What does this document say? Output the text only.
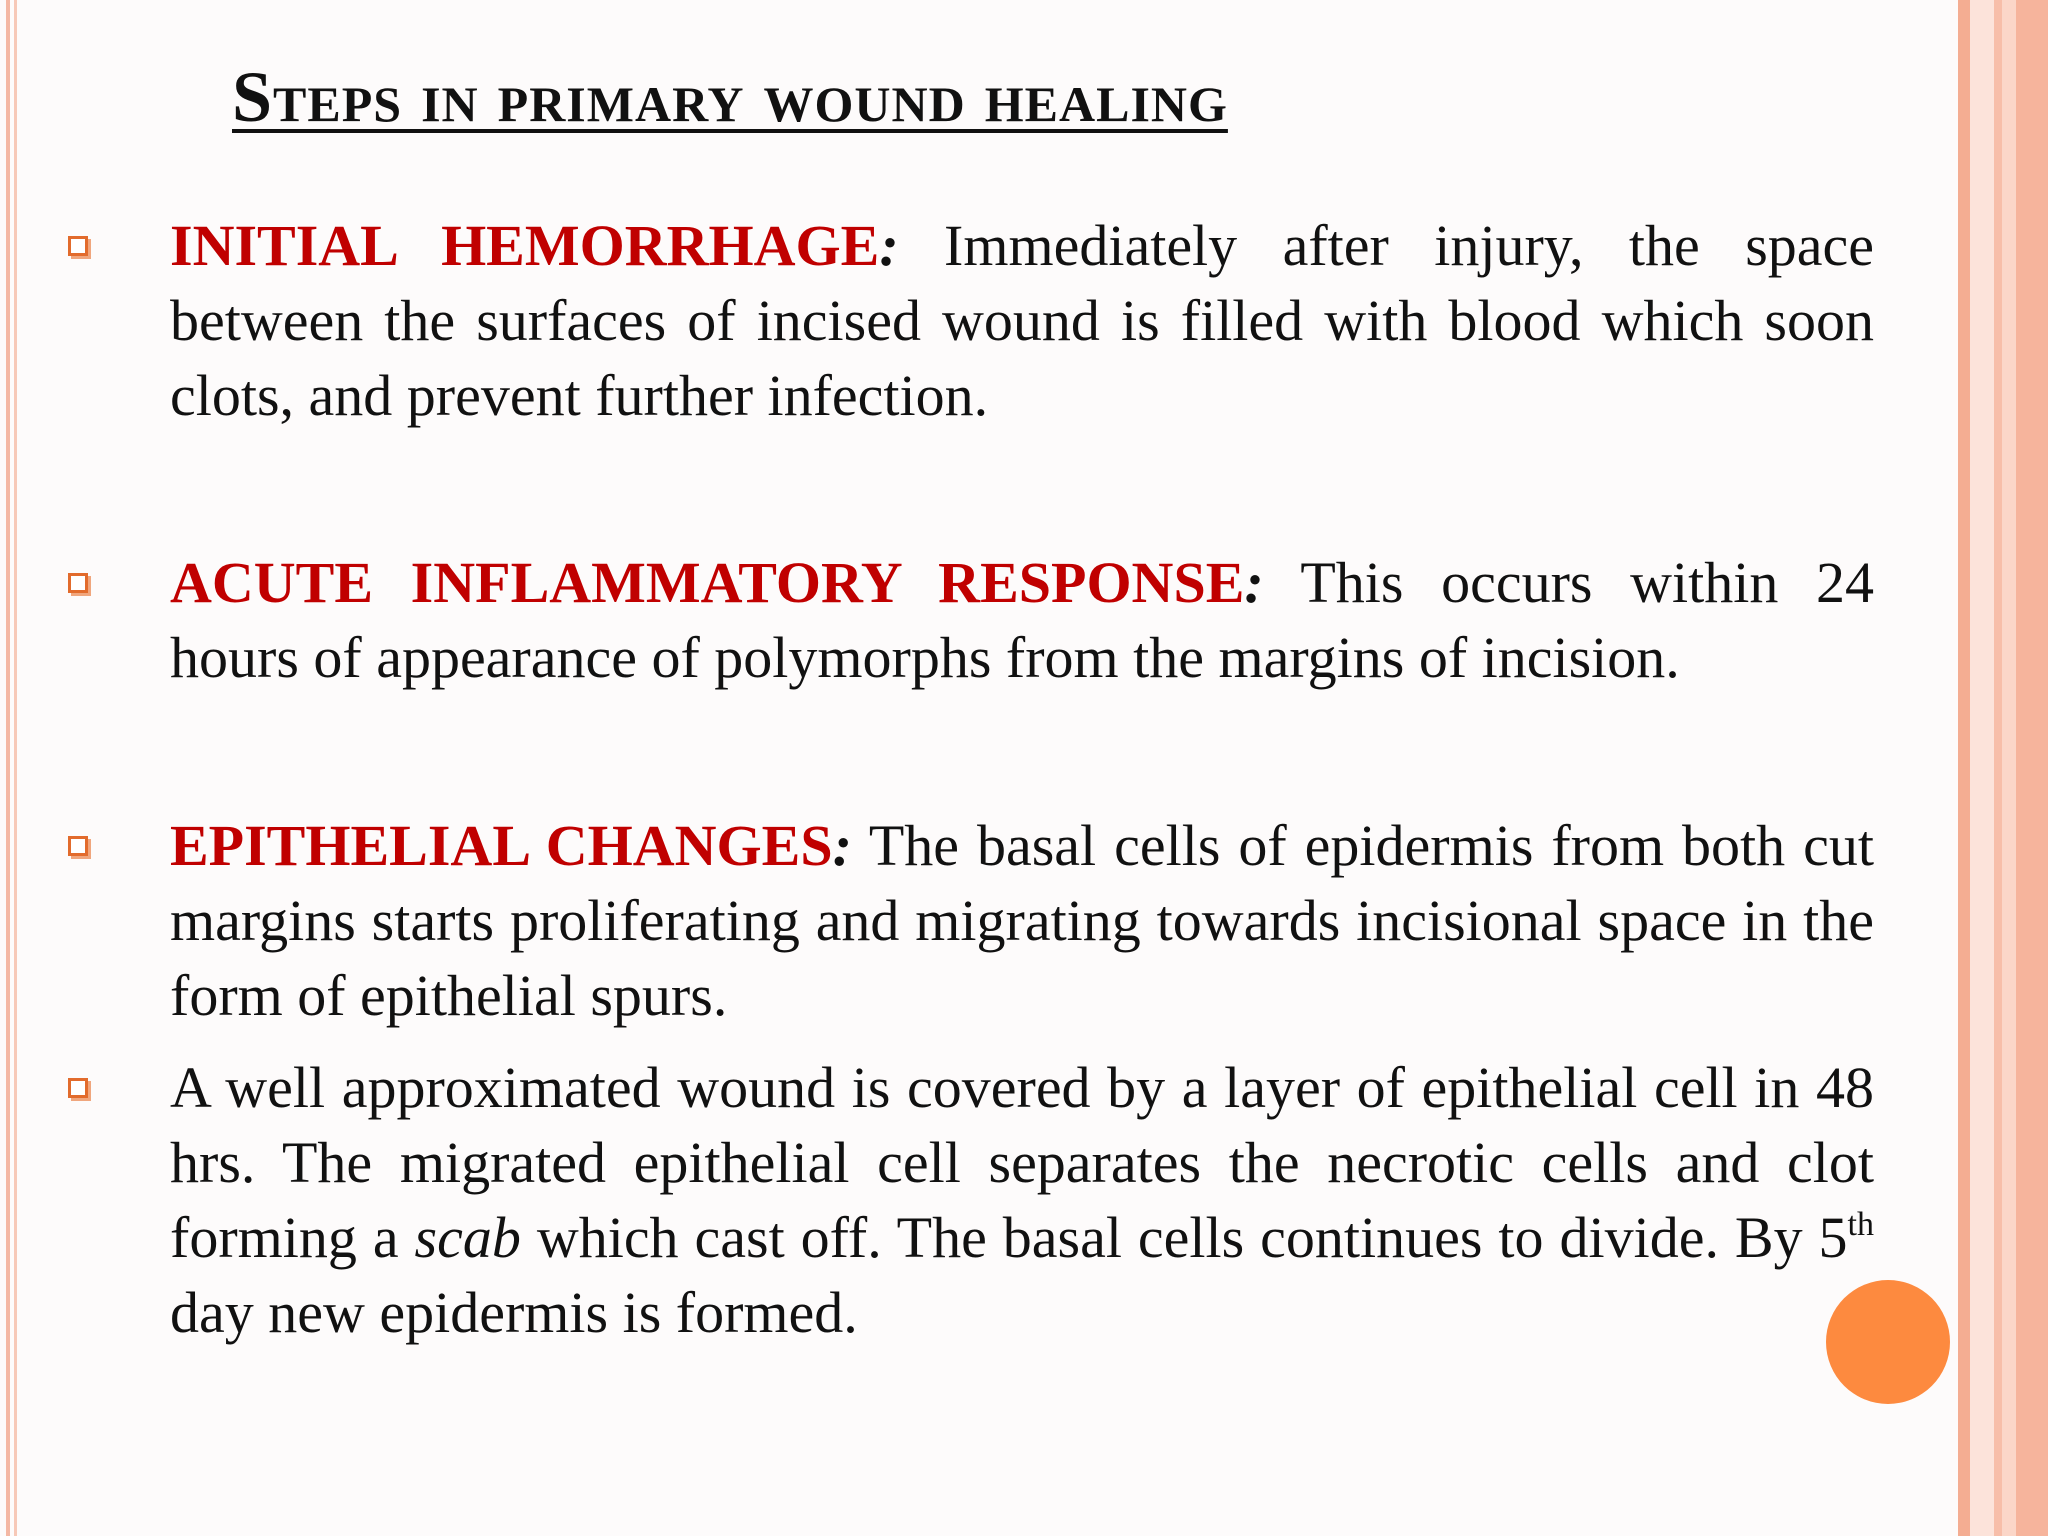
Steps in primary wound healing
INITIAL HEMORRHAGE: Immediately after injury, the space between the surfaces of incised wound is filled with blood which soon clots, and prevent further infection.
ACUTE INFLAMMATORY RESPONSE: This occurs within 24 hours of appearance of polymorphs from the margins of incision.
EPITHELIAL CHANGES: The basal cells of epidermis from both cut margins starts proliferating and migrating towards incisional space in the form of epithelial spurs.
A well approximated wound is covered by a layer of epithelial cell in 48 hrs. The migrated epithelial cell separates the necrotic cells and clot forming a scab which cast off. The basal cells continues to divide. By 5th day new epidermis is formed.
